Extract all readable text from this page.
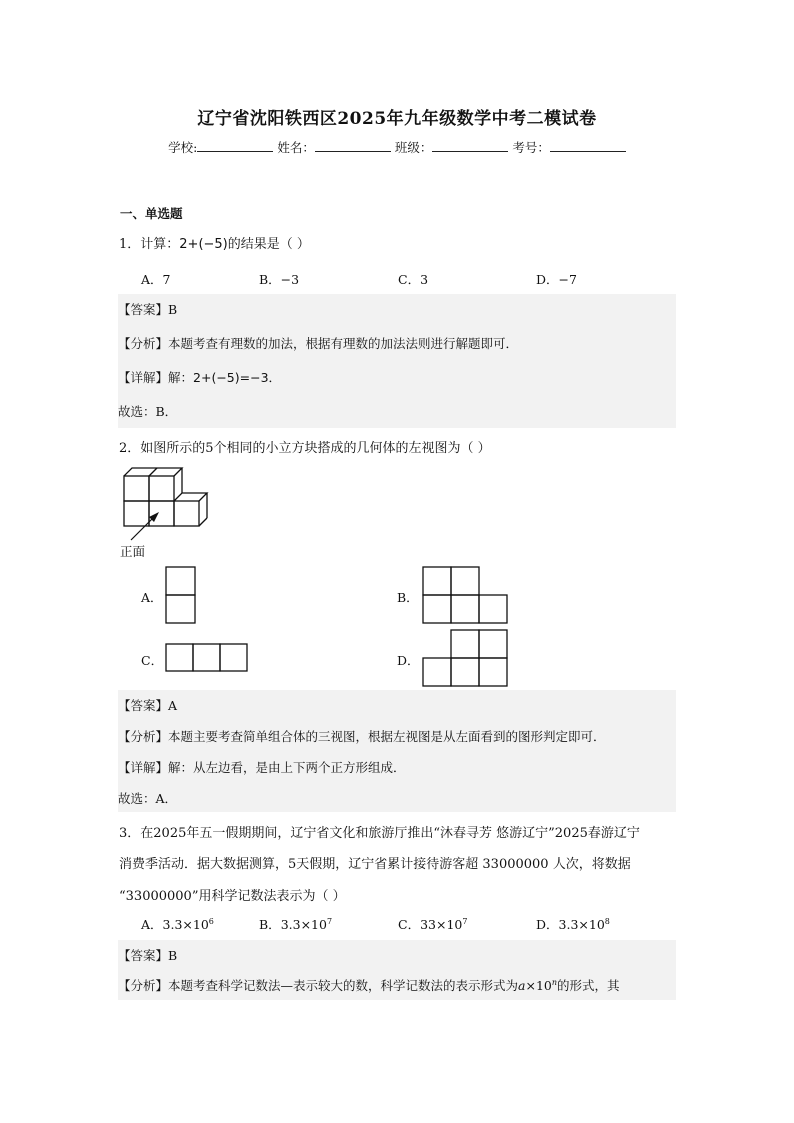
辽宁省沈阳铁西区2025年九年级数学中考二模试卷
学校:	姓名：	班级：	考号：
一、单选题
1．计算：2+(−5)的结果是（ ）
A．7	B．−3	C．3	D．−7
【答案】B
【分析】本题考查有理数的加法，根据有理数的加法法则进行解题即可．
【详解】解：2+(−5)=−3．
故选：B．
2．如图所示的5个相同的小立方块搭成的几何体的左视图为（ ）
正面
A．	B．
C．	D．
【答案】A
【分析】本题主要考查简单组合体的三视图，根据左视图是从左面看到的图形判定即可．
【详解】解：从左边看，是由上下两个正方形组成．
故选：A．
3．在2025年五一假期期间，辽宁省文化和旅游厅推出“沐春寻芳 悠游辽宁”2025春游辽宁
消费季活动．据大数据测算，5天假期，辽宁省累计接待游客超 33000000 人次，将数据
“33000000”用科学记数法表示为（ ）
A．$3.3\times 10^6$	B．$3.3\times 10^7$	C．$33\times 10^7$	D．$3.3\times 10^8$
【答案】B
【分析】本题考查科学记数法—表示较大的数，科学记数法的表示形式为$a\times 10^n$的形式，其
